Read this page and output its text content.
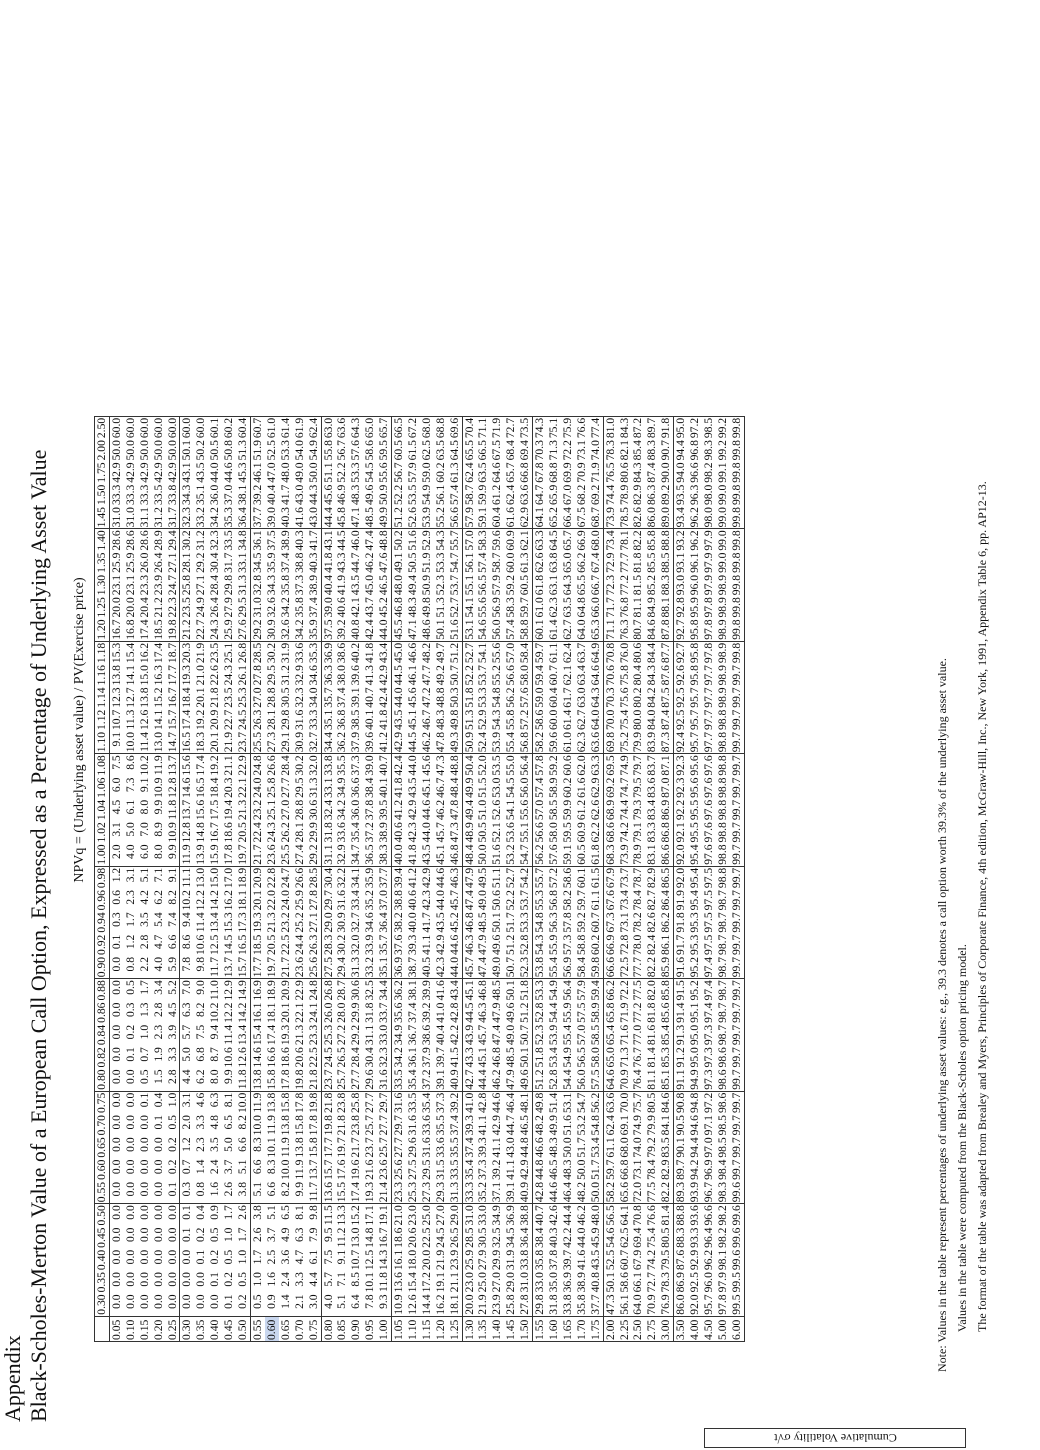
Appendix Black-Scholes-Merton Value of a European Call Option, Expressed as a Percentage of Underlying Asset Value NPVq = (Underlying asset value) / PV(Exercise price)
Cumulative Volatility σ√t
	0.30	0.35	0.40	0.45	0.50	0.55	0.60	0.65	0.70	0.75	0.80	0.82	0.84	0.86	0.88	0.90	0.92	0.94	0.96	0.98	1.00	1.02	1.04	1.06	1.08	1.10	1.12	1.14	1.16	1.18	1.20	1.25	1.30	1.35	1.40	1.45	1.50	1.75	2.00	2.50
0.05	0.0	0.0	0.0	0.0	0.0	0.0	0.0	0.0	0.0	0.0	0.0	0.0	0.0	0.0	0.0	0.0	0.1	0.3	0.6	1.2	2.0	3.1	4.5	6.0	7.5	9.1	10.7	12.3	13.8	15.3	16.7	20.0	23.1	25.9	28.6	31.0	33.3	42.9	50.0	60.0
0.10	0.0	0.0	0.0	0.0	0.0	0.0	0.0	0.0	0.0	0.0	0.0	0.1	0.2	0.3	0.5	0.8	1.2	1.7	2.3	3.1	4.0	5.0	6.1	7.3	8.6	10.0	11.3	12.7	14.1	15.4	16.8	20.0	23.1	25.9	28.6	31.0	33.3	42.9	50.0	60.0
0.15	0.0	0.0	0.0	0.0	0.0	0.0	0.0	0.0	0.0	0.1	0.5	0.7	1.0	1.3	1.7	2.2	2.8	3.5	4.2	5.1	6.0	7.0	8.0	9.1	10.2	11.4	12.6	13.8	15.0	16.2	17.4	20.4	23.3	26.0	28.6	31.1	33.3	42.9	50.0	60.0
0.20	0.0	0.0	0.0	0.0	0.0	0.0	0.0	0.0	0.1	0.4	1.5	1.9	2.3	2.8	3.4	4.0	4.7	5.4	6.2	7.1	8.0	8.9	9.9	10.9	11.9	13.0	14.1	15.2	16.3	17.4	18.5	21.2	23.9	26.4	28.9	31.2	33.5	42.9	50.0	60.0
0.25	0.0	0.0	0.0	0.0	0.0	0.1	0.2	0.2	0.5	1.0	2.8	3.3	3.9	4.5	5.2	5.9	6.6	7.4	8.2	9.1	9.9	10.9	11.8	12.8	13.7	14.7	15.7	16.7	17.7	18.7	19.8	22.3	24.7	27.1	29.4	31.7	33.8	42.9	50.0	60.0
0.30	0.0	0.0	0.0	0.1	0.1	0.3	0.7	1.2	2.0	3.1	4.4	5.0	5.7	6.3	7.0	7.8	8.6	9.4	10.2	11.1	11.9	12.8	13.7	14.6	15.6	16.5	17.4	18.4	19.3	20.3	21.2	23.5	25.8	28.1	30.2	32.3	34.3	43.1	50.1	60.0
0.35	0.0	0.0	0.1	0.2	0.4	0.8	1.4	2.3	3.3	4.6	6.2	6.8	7.5	8.2	9.0	9.8	10.6	11.4	12.2	13.0	13.9	14.8	15.6	16.5	17.4	18.3	19.2	20.1	21.0	21.9	22.7	24.9	27.1	29.2	31.2	33.2	35.1	43.5	50.2	60.0
0.40	0.0	0.1	0.2	0.5	0.9	1.6	2.4	3.5	4.8	6.3	8.0	8.7	9.4	10.2	11.0	11.7	12.5	13.4	14.2	15.0	15.9	16.7	17.5	18.4	19.2	20.1	20.9	21.8	22.6	23.5	24.3	26.4	28.4	30.4	32.3	34.2	36.0	44.0	50.5	60.1
0.45	0.1	0.2	0.5	1.0	1.7	2.6	3.7	5.0	6.5	8.1	9.9	10.6	11.4	12.2	12.9	13.7	14.5	15.3	16.2	17.0	17.8	18.6	19.4	20.3	21.1	21.9	22.7	23.5	24.3	25.1	25.9	27.9	29.8	31.7	33.5	35.3	37.0	44.6	50.8	60.2
0.50	0.2	0.5	1.0	1.7	2.6	3.8	5.1	6.6	8.2	10.0	11.8	12.6	13.4	14.2	14.9	15.7	16.5	17.3	18.1	18.9	19.7	20.5	21.3	22.1	22.9	23.7	24.5	25.3	26.1	26.8	27.6	29.5	31.3	33.1	34.8	36.4	38.1	45.3	51.3	60.4
0.55	0.5	1.0	1.7	2.6	3.8	5.1	6.6	8.3	10.0	11.9	13.8	14.6	15.4	16.1	16.9	17.7	18.5	19.3	20.1	20.9	21.7	22.4	23.2	24.0	24.8	25.5	26.3	27.0	27.8	28.5	29.2	31.0	32.8	34.5	36.1	37.7	39.2	46.1	51.9	60.7
0.60	0.9	1.6	2.5	3.7	5.1	6.6	8.3	10.1	11.9	13.8	15.8	16.6	17.4	18.1	18.9	19.7	20.5	21.3	22.0	22.8	23.6	24.3	25.1	25.8	26.6	27.3	28.1	28.8	29.5	30.2	30.9	32.6	34.3	35.9	37.5	39.0	40.4	47.0	52.5	61.0
0.65	1.4	2.4	3.6	4.9	6.5	8.2	10.0	11.9	13.8	15.8	17.8	18.6	19.3	20.1	20.9	21.7	22.5	23.2	24.0	24.7	25.5	26.2	27.0	27.7	28.4	29.1	29.8	30.5	31.2	31.9	32.6	34.2	35.8	37.4	38.9	40.3	41.7	48.0	53.3	61.4
0.70	2.1	3.3	4.7	6.3	8.1	9.9	11.9	13.8	15.8	17.8	19.8	20.6	21.3	22.1	22.9	23.6	24.4	25.2	25.9	26.6	27.4	28.1	28.8	29.5	30.2	30.9	31.6	32.3	32.9	33.6	34.2	35.8	37.3	38.8	40.3	41.6	43.0	49.0	54.0	61.9
0.75	3.0	4.4	6.1	7.9	9.8	11.7	13.7	15.8	17.8	19.8	21.8	22.5	23.3	24.1	24.8	25.6	26.3	27.1	27.8	28.5	29.2	29.9	30.6	31.3	32.0	32.7	33.3	34.0	34.6	35.3	35.9	37.4	38.9	40.3	41.7	43.0	44.3	50.0	54.9	62.4
0.80	4.0	5.7	7.5	9.5	11.5	13.6	15.7	17.7	19.8	21.8	23.7	24.5	25.3	26.0	26.8	27.5	28.3	29.0	29.7	30.4	31.1	31.8	32.4	33.1	33.8	34.4	35.1	35.7	36.3	36.9	37.5	39.0	40.4	41.8	43.1	44.4	45.6	51.1	55.8	63.0
0.85	5.1	7.1	9.1	11.2	13.3	15.5	17.6	19.7	21.8	23.8	25.7	26.5	27.2	28.0	28.7	29.4	30.2	30.9	31.6	32.2	32.9	33.6	34.2	34.9	35.5	36.2	36.8	37.4	38.0	38.6	39.2	40.6	41.9	43.3	44.5	45.8	46.9	52.2	56.7	63.6
0.90	6.4	8.5	10.7	13.0	15.2	17.4	19.6	21.7	23.8	25.8	27.7	28.4	29.2	29.9	30.6	31.3	32.0	32.7	33.4	34.1	34.7	35.4	36.0	36.6	37.3	37.9	38.5	39.1	39.6	40.2	40.8	42.1	43.5	44.7	46.0	47.1	48.3	53.3	57.6	64.3
0.95	7.8	10.1	12.5	14.8	17.1	19.3	21.6	23.7	25.7	27.7	29.6	30.4	31.1	31.8	32.5	33.2	33.9	34.6	35.2	35.9	36.5	37.2	37.8	38.4	39.0	39.6	40.1	40.7	41.3	41.8	42.4	43.7	45.0	46.2	47.4	48.5	49.6	54.5	58.6	65.0
1.00	9.3	11.8	14.3	16.7	19.1	21.4	23.6	25.7	27.7	29.7	31.6	32.3	33.0	33.7	34.4	35.1	35.7	36.4	37.0	37.7	38.3	38.9	39.5	40.1	40.7	41.2	41.8	42.4	42.9	43.4	44.0	45.2	46.5	47.6	48.8	49.9	50.9	55.6	59.5	65.7
1.05	10.9	13.6	16.1	18.6	21.0	23.3	25.6	27.7	29.7	31.6	33.5	34.2	34.9	35.6	36.2	36.9	37.6	38.2	38.8	39.4	40.0	40.6	41.2	41.8	42.4	42.9	43.5	44.0	44.5	45.0	45.5	46.8	48.0	49.1	50.2	51.2	52.2	56.7	60.5	66.5
1.10	12.6	15.4	18.0	20.6	23.0	25.3	27.5	29.6	31.6	33.5	35.4	36.1	36.7	37.4	38.1	38.7	39.3	40.0	40.6	41.2	41.8	42.3	42.9	43.5	44.0	44.5	45.1	45.6	46.1	46.6	47.1	48.3	49.4	50.5	51.6	52.6	53.5	57.9	61.5	67.2
1.15	14.4	17.2	20.0	22.5	25.0	27.3	29.5	31.6	33.6	35.4	37.2	37.9	38.6	39.2	39.9	40.5	41.1	41.7	42.3	42.9	43.5	44.0	44.6	45.1	45.6	46.2	46.7	47.2	47.7	48.2	48.6	49.8	50.9	51.9	52.9	53.9	54.9	59.0	62.5	68.0
1.20	16.2	19.1	21.9	24.5	27.0	29.3	31.5	33.6	35.5	37.3	39.1	39.7	40.4	41.0	41.6	42.3	42.9	43.5	44.0	44.6	45.1	45.7	46.2	46.7	47.3	47.8	48.3	48.8	49.2	49.7	50.1	51.3	52.3	53.3	54.3	55.2	56.1	60.2	63.5	68.8
1.25	18.1	21.1	23.9	26.5	29.0	31.3	33.5	35.5	37.4	39.2	40.9	41.5	42.2	42.8	43.4	44.0	44.6	45.2	45.7	46.3	46.8	47.3	47.8	48.4	48.8	49.3	49.8	50.3	50.7	51.2	51.6	52.7	53.7	54.7	55.7	56.6	57.4	61.3	64.5	69.6
1.30	20.0	23.0	25.9	28.5	31.0	33.3	35.4	37.4	39.3	41.0	42.7	43.3	43.9	44.5	45.1	45.7	46.3	46.8	47.4	47.9	48.4	48.9	49.4	49.9	50.4	50.9	51.3	51.8	52.2	52.7	53.1	54.1	55.1	56.1	57.0	57.9	58.7	62.4	65.5	70.4
1.35	21.9	25.0	27.9	30.5	33.0	35.2	37.3	39.3	41.1	42.8	44.4	45.1	45.7	46.3	46.8	47.4	47.9	48.5	49.0	49.5	50.0	50.5	51.0	51.5	52.0	52.4	52.9	53.3	53.7	54.1	54.6	55.6	56.5	57.4	58.3	59.1	59.9	63.5	66.5	71.1
1.40	23.9	27.0	29.9	32.5	34.9	37.1	39.2	41.1	42.9	44.6	46.2	46.8	47.4	47.9	48.5	49.0	49.6	50.1	50.6	51.1	51.6	52.1	52.6	53.0	53.5	53.9	54.3	54.8	55.2	55.6	56.0	56.9	57.9	58.7	59.6	60.4	61.2	64.6	67.5	71.9
1.45	25.8	29.0	31.9	34.5	36.9	39.1	41.1	43.0	44.7	46.4	47.9	48.5	49.0	49.6	50.1	50.7	51.2	51.7	52.2	52.7	53.2	53.6	54.1	54.5	55.0	55.4	55.8	56.2	56.6	57.0	57.4	58.3	59.2	60.0	60.9	61.6	62.4	65.7	68.4	72.7
1.50	27.8	31.0	33.8	36.4	38.8	40.9	42.9	44.8	46.5	48.1	49.6	50.1	50.7	51.2	51.8	52.3	52.8	53.3	53.7	54.2	54.7	55.1	55.6	56.0	56.4	56.8	57.2	57.6	58.0	58.4	58.8	59.7	60.5	61.3	62.1	62.9	63.6	66.8	69.4	73.5
1.55	29.8	33.0	35.8	38.4	40.7	42.8	44.8	46.6	48.2	49.8	51.2	51.8	52.3	52.8	53.3	53.8	54.3	54.8	55.3	55.7	56.2	56.6	57.0	57.4	57.8	58.2	58.6	59.0	59.4	59.7	60.1	61.0	61.8	62.6	63.3	64.1	64.7	67.8	70.3	74.3
1.60	31.8	35.0	37.8	40.3	42.6	44.6	46.5	48.3	49.9	51.4	52.8	53.4	53.9	54.4	54.9	55.4	55.9	56.3	56.8	57.2	57.6	58.0	58.5	58.9	59.2	59.6	60.0	60.4	60.7	61.1	61.4	62.3	63.1	63.8	64.5	65.2	65.9	68.8	71.3	75.1
1.65	33.8	36.9	39.7	42.2	44.4	46.4	48.3	50.0	51.6	53.1	54.4	54.9	55.4	55.9	56.4	56.9	57.3	57.8	58.2	58.6	59.1	59.5	59.9	60.2	60.6	61.0	61.4	61.7	62.1	62.4	62.7	63.5	64.3	65.0	65.7	66.4	67.0	69.9	72.2	75.9
1.70	35.8	38.9	41.6	44.0	46.2	48.2	50.0	51.7	53.2	54.7	56.0	56.5	57.0	57.5	57.9	58.4	58.8	59.2	59.7	60.1	60.5	60.9	61.2	61.6	62.0	62.3	62.7	63.0	63.4	63.7	64.0	64.8	65.5	66.2	66.9	67.5	68.2	70.9	73.1	76.6
1.75	37.7	40.8	43.5	45.9	48.0	50.0	51.7	53.4	54.8	56.2	57.5	58.0	58.5	58.9	59.4	59.8	60.2	60.7	61.1	61.5	61.8	62.2	62.6	62.9	63.3	63.6	64.0	64.3	64.6	64.9	65.3	66.0	66.7	67.4	68.0	68.7	69.2	71.9	74.0	77.4
2.00	47.3	50.1	52.5	54.6	56.5	58.2	59.7	61.1	62.4	63.6	64.6	65.0	65.4	65.8	66.2	66.6	66.9	67.3	67.6	67.9	68.3	68.6	68.9	69.2	69.5	69.8	70.0	70.3	70.6	70.8	71.1	71.7	72.3	72.9	73.4	73.9	74.4	76.5	78.3	81.0
2.25	56.1	58.6	60.7	62.5	64.1	65.6	66.8	68.0	69.1	70.0	70.9	71.3	71.6	71.9	72.2	72.5	72.8	73.1	73.4	73.7	73.9	74.2	74.4	74.7	74.9	75.2	75.4	75.6	75.8	76.0	76.3	76.8	77.2	77.7	78.1	78.5	78.9	80.6	82.1	84.3
2.50	64.0	66.1	67.9	69.4	70.8	72.0	73.1	74.0	74.9	75.7	76.4	76.7	77.0	77.2	77.5	77.7	78.0	78.2	78.4	78.7	78.9	79.1	79.3	79.5	79.7	79.9	80.0	80.2	80.4	80.6	80.7	81.1	81.5	81.8	82.2	82.6	82.9	84.3	85.4	87.2
2.75	70.9	72.7	74.2	75.4	76.6	77.5	78.4	79.2	79.9	80.5	81.1	81.4	81.6	81.8	82.0	82.2	82.4	82.6	82.7	82.9	83.1	83.3	83.4	83.6	83.7	83.9	84.0	84.2	84.3	84.4	84.6	84.9	85.2	85.5	85.8	86.0	86.3	87.4	88.3	89.7
3.00	76.9	78.3	79.5	80.5	81.4	82.2	82.9	83.5	84.1	84.6	85.1	85.3	85.4	85.6	85.8	85.9	86.1	86.2	86.4	86.5	86.6	86.8	86.9	87.0	87.1	87.3	87.4	87.5	87.6	87.7	87.8	88.1	88.3	88.5	88.8	89.0	89.2	90.0	90.7	91.8
3.50	86.0	86.9	87.6	88.3	88.8	89.3	89.7	90.1	90.5	90.8	91.1	91.2	91.3	91.4	91.5	91.6	91.7	91.8	91.9	92.0	92.0	92.1	92.2	92.3	92.3	92.4	92.5	92.5	92.6	92.7	92.7	92.8	93.0	93.1	93.2	93.4	93.5	94.0	94.4	95.0
4.00	92.0	92.5	92.9	93.3	93.6	93.9	94.2	94.4	94.6	94.8	94.9	95.0	95.0	95.1	95.2	95.2	95.3	95.3	95.4	95.4	95.4	95.5	95.5	95.6	95.6	95.7	95.7	95.7	95.8	95.8	95.8	95.9	96.0	96.1	96.2	96.2	96.3	96.6	96.8	97.2
4.50	95.7	96.0	96.2	96.4	96.6	96.7	96.9	97.0	97.1	97.2	97.3	97.3	97.3	97.4	97.4	97.4	97.5	97.5	97.5	97.5	97.6	97.6	97.6	97.6	97.6	97.7	97.7	97.7	97.7	97.8	97.8	97.8	97.9	97.9	97.9	98.0	98.0	98.2	98.3	98.5
5.00	97.8	97.9	98.1	98.2	98.2	98.3	98.4	98.5	98.5	98.6	98.6	98.6	98.7	98.7	98.7	98.7	98.7	98.7	98.7	98.8	98.8	98.8	98.8	98.8	98.8	98.8	98.8	98.9	98.9	98.9	98.9	98.9	98.9	99.0	99.0	99.0	99.0	99.1	99.2	99.2
6.00	99.5	99.5	99.6	99.6	99.6	99.6	99.7	99.7	99.7	99.7	99.7	99.7	99.7	99.7	99.7	99.7	99.7	99.7	99.7	99.7	99.7	99.7	99.7	99.7	99.7	99.7	99.7	99.7	99.7	99.8	99.8	99.8	99.8	99.8	99.8	99.8	99.8	99.8	99.8	99.8
Note: Values in the table represent percentages of underlying asset values: e.g., 39.3 denotes a call option worth 39.3% of the underlying asset value. Values in the table were computed from the Black-Scholes option pricing model. The format of the table was adapted from Brealey and Myers, Principles of Corporate Finance, 4th edition, McGraw-Hill, Inc., New York, 1991, Appendix Table 6, pp. AP12-13.
